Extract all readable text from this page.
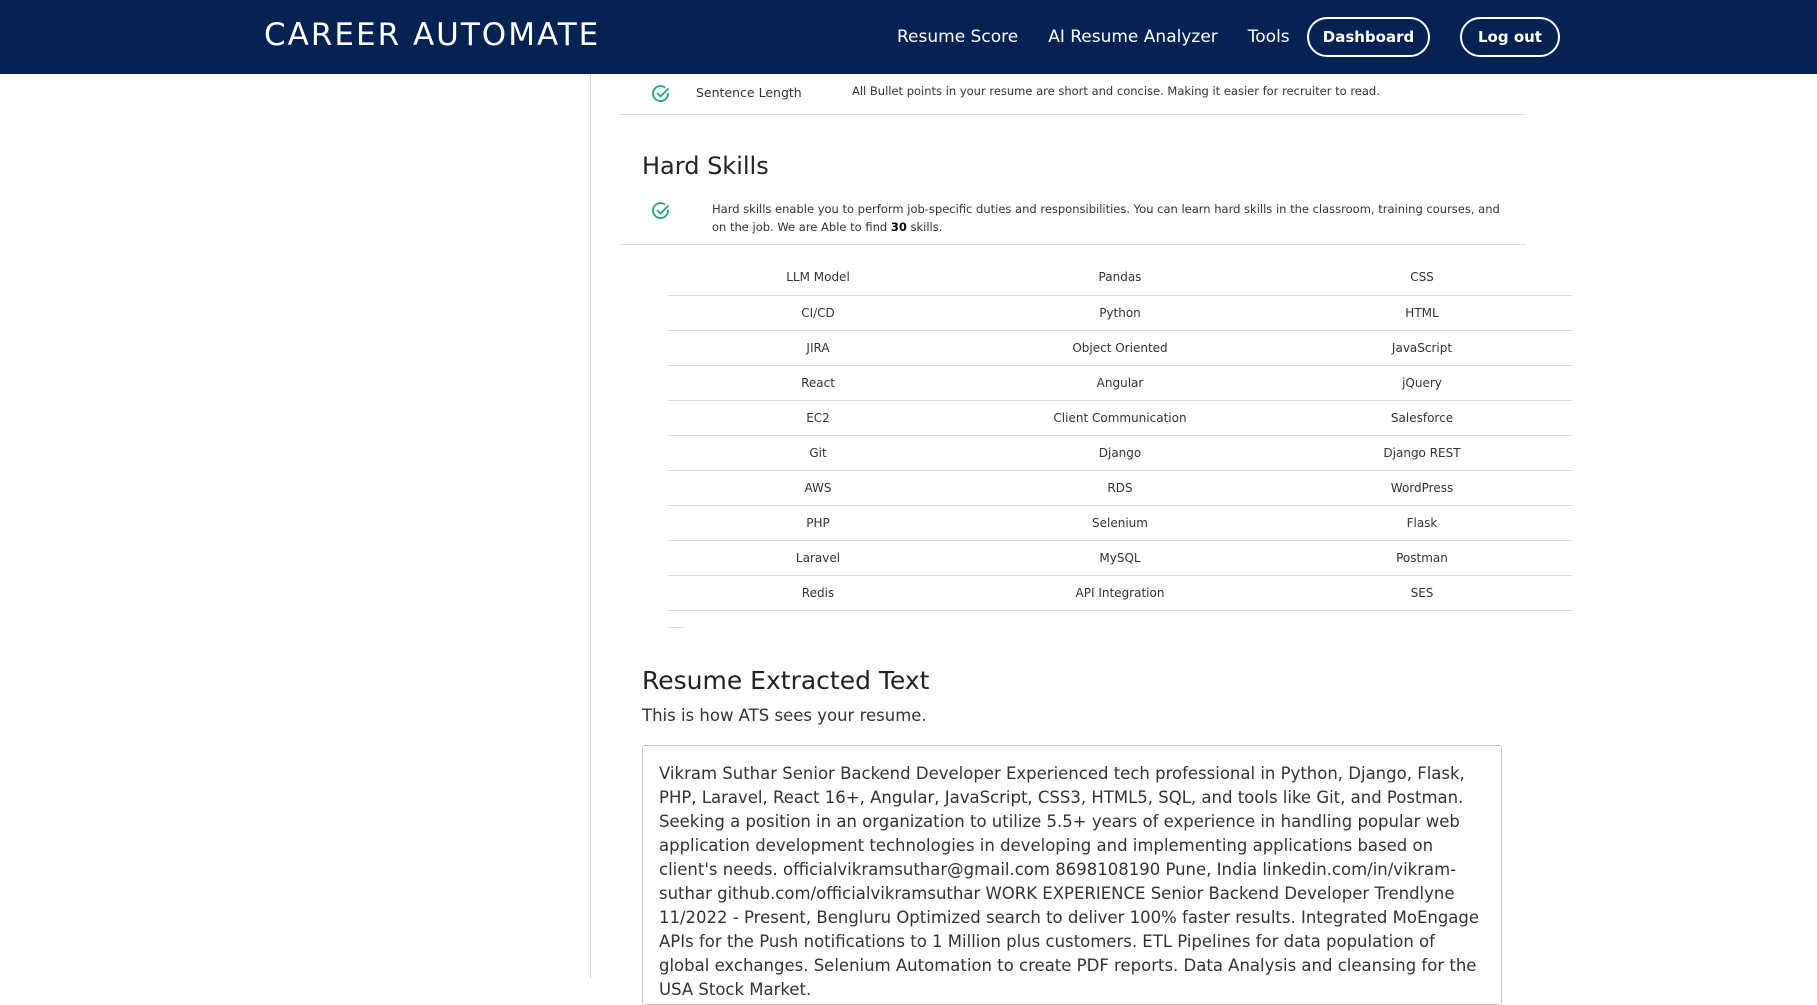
CAREER AUTOMATE	Resume Score AI Resume Analyzer Tools	Dashboard	Log out
Sentence Length	All Bullet points in your resume are short and concise. Making it easier for recruiter to read.
Hard Skills
Hard skills enable you to perform job-specific duties and responsibilities. You can learn hard skills in the classroom, training courses, and on the job. We are Able to find 30 skills.
LLM Model	Pandas	CSS
CI/CD	Python	HTML
JIRA	Object Oriented	JavaScript
React	Angular	jQuery
EC2	Client Communication	Salesforce
Git	Django	Django REST
AWS	RDS	WordPress
PHP	Selenium	Flask
Laravel	MySQL	Postman
Redis	API Integration	SES
Resume Extracted Text
This is how ATS sees your resume.
Vikram Suthar Senior Backend Developer Experienced tech professional in Python, Django, Flask, PHP, Laravel, React 16+, Angular, JavaScript, CSS3, HTML5, SQL, and tools like Git, and Postman. Seeking a position in an organization to utilize 5.5+ years of experience in handling popular web application development technologies in developing and implementing applications based on client's needs. officialvikramsuthar@gmail.com 8698108190 Pune, India linkedin.com/in/vikram-suthar github.com/officialvikramsuthar WORK EXPERIENCE Senior Backend Developer Trendlyne 11/2022 - Present, Bengluru Optimized search to deliver 100% faster results. Integrated MoEngage APIs for the Push notifications to 1 Million plus customers. ETL Pipelines for data population of global exchanges. Selenium Automation to create PDF reports. Data Analysis and cleansing for the USA Stock Market.
